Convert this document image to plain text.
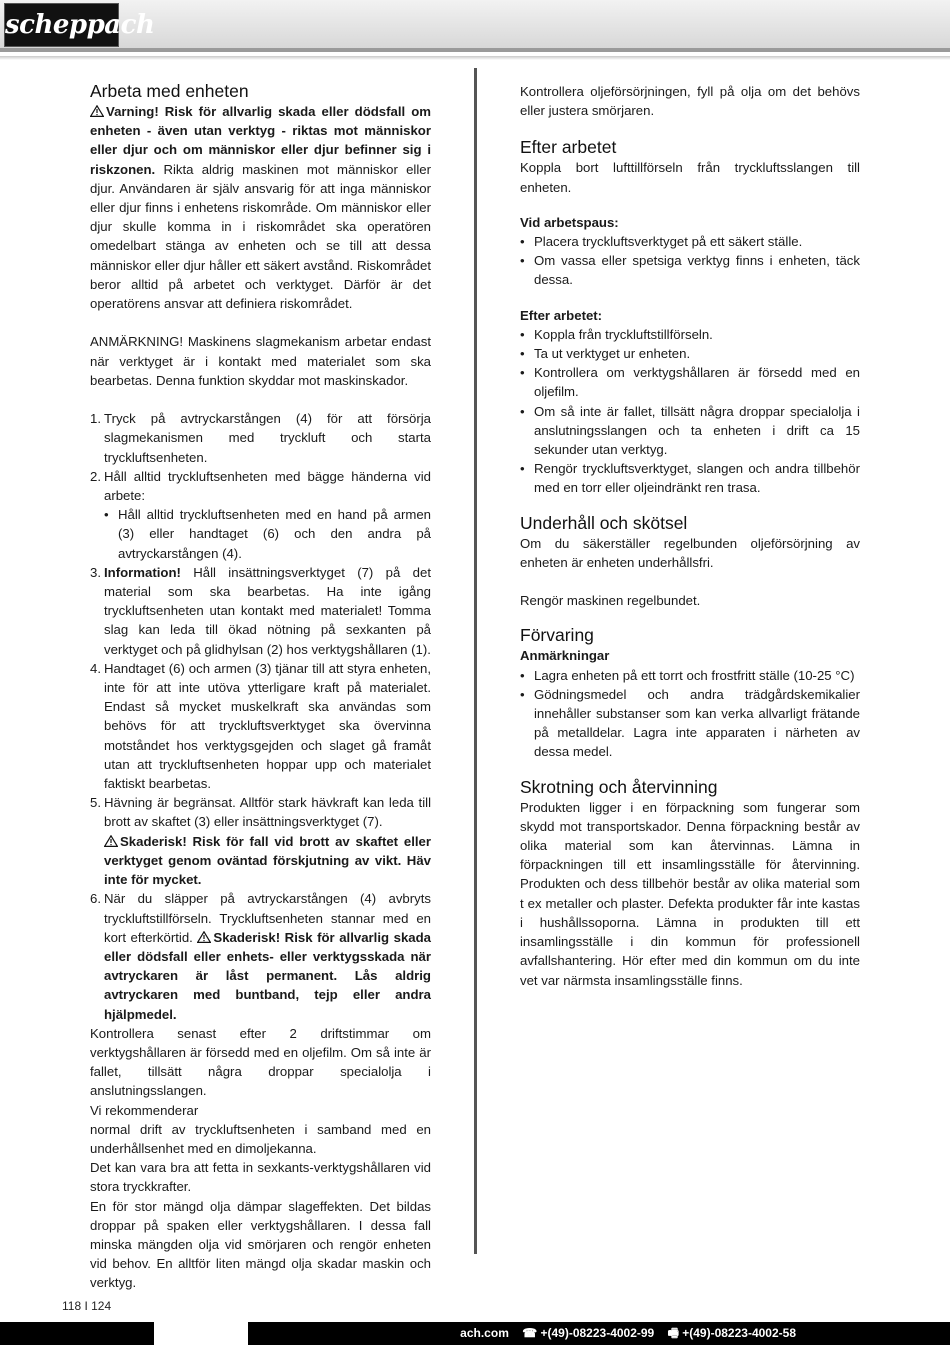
scheppach
Arbeta med enheten

Varning! Risk för allvarlig skada eller dödsfall om enheten - även utan verktyg - riktas mot människor eller djur och om människor eller djur befinner sig i riskzonen. Rikta aldrig maskinen mot människor eller djur. Användaren är själv ansvarig för att inga människor eller djur finns i enhetens riskområde. Om människor eller djur skulle komma in i riskområdet ska operatören omedelbart stänga av enheten och se till att dessa människor eller djur håller ett säkert avstånd. Riskområdet beror alltid på arbetet och verktyget. Därför är det operatörens ansvar att definiera riskområdet.

ANMÄRKNING! Maskinens slagmekanism arbetar endast när verktyget är i kontakt med materialet som ska bearbetas. Denna funktion skyddar mot maskinskador.

1. Tryck på avtryckarstången (4) för att försörja slagmekanismen med tryckluft och starta tryckluftsenheten.
2. Håll alltid tryckluftsenheten med bägge händerna vid arbete:
• Håll alltid tryckluftsenheten med en hand på armen (3) eller handtaget (6) och den andra på avtryckarstången (4).
3. Information! Håll insättningsverktyget (7) på det material som ska bearbetas. Ha inte igång tryckluftsenheten utan kontakt med materialet! Tomma slag kan leda till ökad nötning på sexkanten på verktyget och på glidhylsan (2) hos verktygshållaren (1).
4. Handtaget (6) och armen (3) tjänar till att styra enheten, inte för att inte utöva ytterligare kraft på materialet. Endast så mycket muskelkraft ska användas som behövs för att tryckluftsverktyget ska övervinna motståndet hos verktygsgejden och slaget gå framåt utan att tryckluftsenheten hoppar upp och materialet faktiskt bearbetas.
5. Hävning är begränsat. Alltför stark hävkraft kan leda till brott av skaftet (3) eller insättningsverktyget (7).
Skaderisk! Risk för fall vid brott av skaftet eller verktyget genom oväntad förskjutning av vikt. Häv inte för mycket.
6. När du släpper på avtryckarstången (4) avbryts tryckluftstillförseln. Tryckluftsenheten stannar med en kort efterkörtid. Skaderisk! Risk för allvarlig skada eller dödsfall eller enhets- eller verktygsskada när avtryckaren är låst permanent. Lås aldrig avtryckaren med buntband, tejp eller andra hjälpmedel.

Kontrollera senast efter 2 driftstimmar om verktygshållaren är försedd med en oljefilm. Om så inte är fallet, tillsätt några droppar specialolja i anslutningsslangen.

Vi rekommenderar

normal drift av tryckluftsenheten i samband med en underhållsenhet med en dimoljekanna.

Det kan vara bra att fetta in sexkants-verktygshållaren vid stora tryckkrafter.

En för stor mängd olja dämpar slageffekten. Det bildas droppar på spaken eller verktygshållaren. I dessa fall minska mängden olja vid smörjaren och rengör enheten vid behov. En alltför liten mängd olja skadar maskin och verktyg.

Kontrollera oljeförsörjningen, fyll på olja om det behövs eller justera smörjaren.

Efter arbetet

Koppla bort lufttillförseln från tryckluftsslangen till enheten.

Vid arbetspaus:
• Placera tryckluftsverktyget på ett säkert ställe.
• Om vassa eller spetsiga verktyg finns i enheten, täck dessa.
Efter arbetet:
• Koppla från tryckluftstillförseln.
• Ta ut verktyget ur enheten.
• Kontrollera om verktygshållaren är försedd med en oljefilm.
• Om så inte är fallet, tillsätt några droppar specialolja i anslutningsslangen och ta enheten i drift ca 15 sekunder utan verktyg.
• Rengör tryckluftsverktyget, slangen och andra tillbehör med en torr eller oljeindränkt ren trasa.
Underhåll och skötsel

Om du säkerställer regelbunden oljeförsörjning av enheten är enheten underhållsfri.

Rengör maskinen regelbundet.

Förvaring
Anmärkningar
• Lagra enheten på ett torrt och frostfritt ställe (10-25 °C)
• Gödningsmedel och andra trädgårdskemikalier innehåller substanser som kan verka allvarligt frätande på metalldelar. Lagra inte apparaten i närheten av dessa medel.
Skrotning och återvinning

Produkten ligger i en förpackning som fungerar som skydd mot transportskador. Denna förpackning består av olika material som kan återvinnas. Lämna in förpackningen till ett insamlingsställe för återvinning. Produkten och dess tillbehör består av olika material som t ex metaller och plaster. Defekta produkter får inte kastas i hushållssoporna. Lämna in produkten till ett insamlingsställe i din kommun för professionell avfallshantering. Hör efter med din kommun om du inte vet var närmsta insamlingsställe finns.

118 I 124
ach.com ☎ +(49)-08223-4002-99 🖷 +(49)-08223-4002-58
